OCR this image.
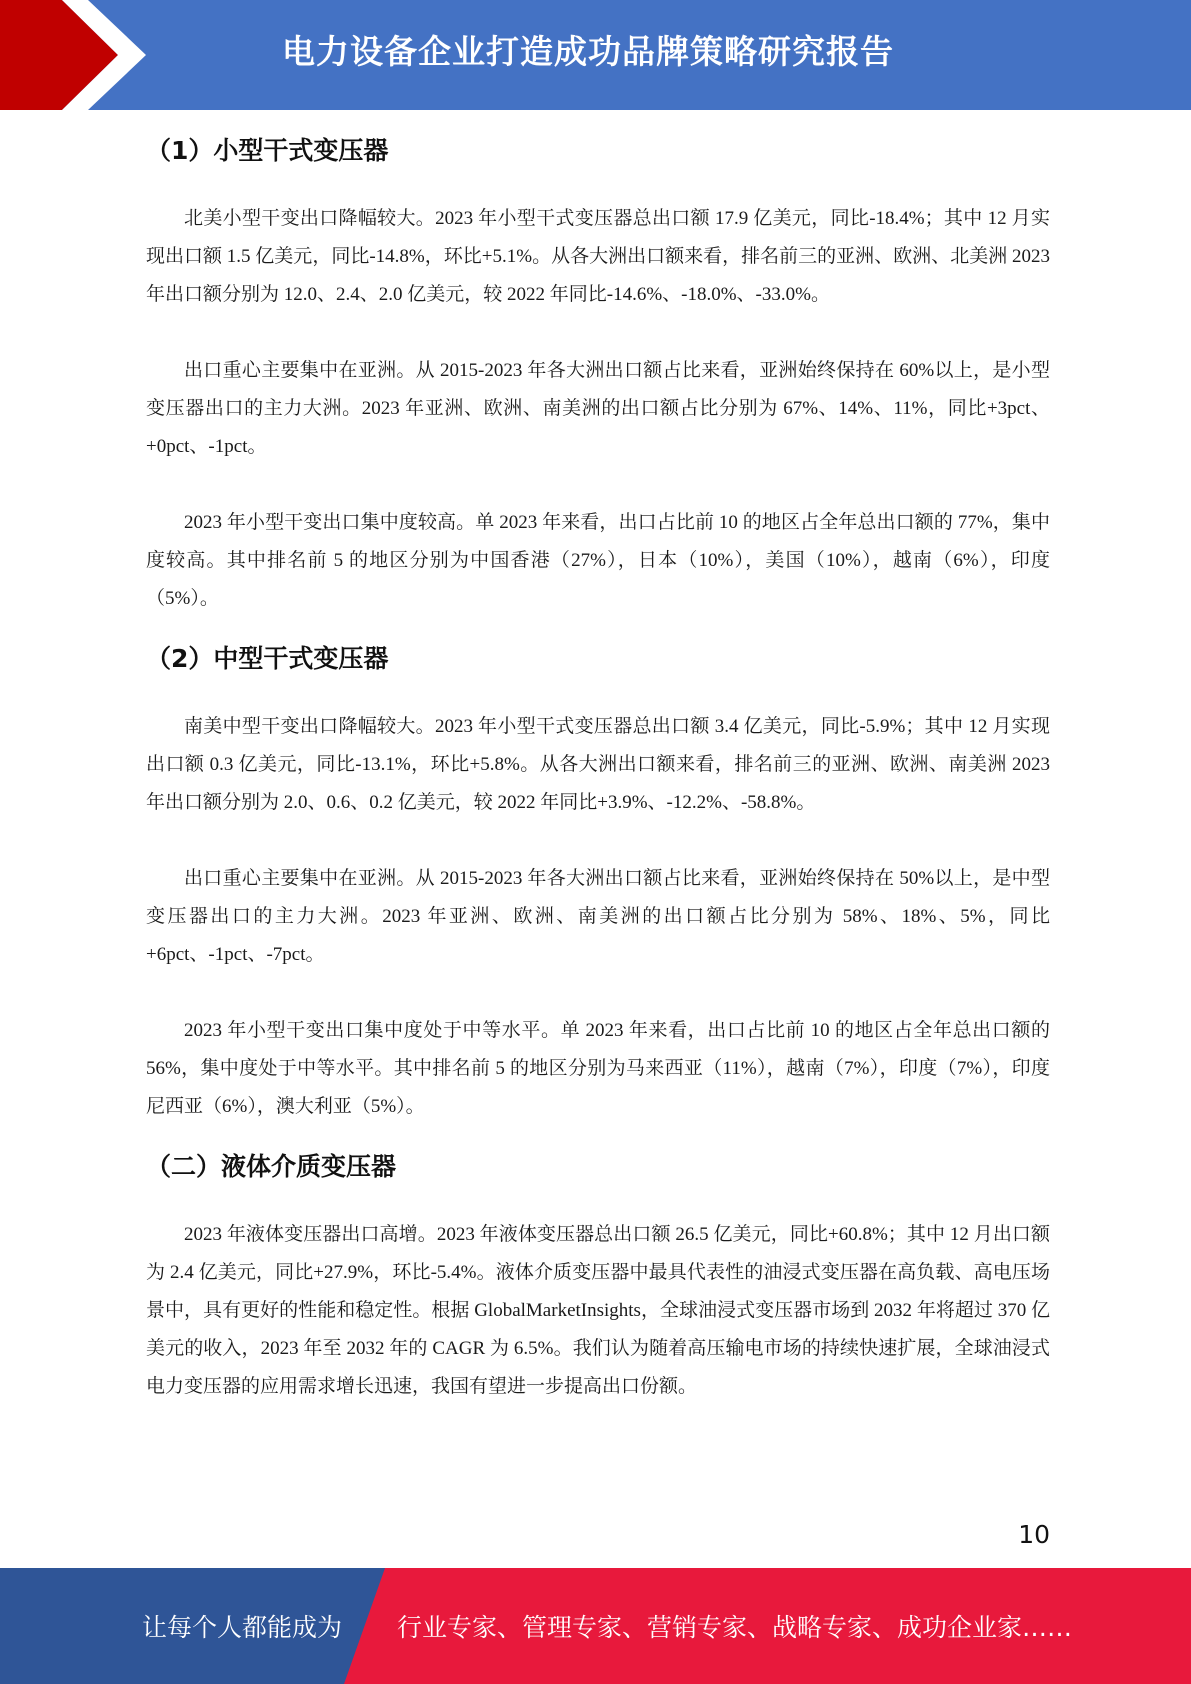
电力设备企业打造成功品牌策略研究报告
（1）小型干式变压器

北美小型干变出口降幅较大。2023 年小型干式变压器总出口额 17.9 亿美元，同比-18.4%；其中 12 月实现出口额 1.5 亿美元，同比-14.8%，环比+5.1%。从各大洲出口额来看，排名前三的亚洲、欧洲、北美洲 2023 年出口额分别为 12.0、2.4、2.0 亿美元，较 2022 年同比-14.6%、-18.0%、-33.0%。

出口重心主要集中在亚洲。从 2015-2023 年各大洲出口额占比来看，亚洲始终保持在 60%以上，是小型变压器出口的主力大洲。2023 年亚洲、欧洲、南美洲的出口额占比分别为 67%、14%、11%，同比+3pct、+0pct、-1pct。

2023 年小型干变出口集中度较高。单 2023 年来看，出口占比前 10 的地区占全年总出口额的 77%，集中度较高。其中排名前 5 的地区分别为中国香港（27%），日本（10%），美国（10%），越南（6%），印度（5%）。

（2）中型干式变压器

南美中型干变出口降幅较大。2023 年小型干式变压器总出口额 3.4 亿美元，同比-5.9%；其中 12 月实现出口额 0.3 亿美元，同比-13.1%，环比+5.8%。从各大洲出口额来看，排名前三的亚洲、欧洲、南美洲 2023 年出口额分别为 2.0、0.6、0.2 亿美元，较 2022 年同比+3.9%、-12.2%、-58.8%。

出口重心主要集中在亚洲。从 2015-2023 年各大洲出口额占比来看，亚洲始终保持在 50%以上，是中型变压器出口的主力大洲。2023 年亚洲、欧洲、南美洲的出口额占比分别为 58%、18%、5%，同比+6pct、-1pct、-7pct。

2023 年小型干变出口集中度处于中等水平。单 2023 年来看，出口占比前 10 的地区占全年总出口额的 56%，集中度处于中等水平。其中排名前 5 的地区分别为马来西亚（11%），越南（7%），印度（7%），印度尼西亚（6%），澳大利亚（5%）。

（二）液体介质变压器

2023 年液体变压器出口高增。2023 年液体变压器总出口额 26.5 亿美元，同比+60.8%；其中 12 月出口额为 2.4 亿美元，同比+27.9%，环比-5.4%。液体介质变压器中最具代表性的油浸式变压器在高负载、高电压场景中，具有更好的性能和稳定性。根据 GlobalMarketInsights，全球油浸式变压器市场到 2032 年将超过 370 亿美元的收入，2023 年至 2032 年的 CAGR 为 6.5%。我们认为随着高压输电市场的持续快速扩展，全球油浸式电力变压器的应用需求增长迅速，我国有望进一步提高出口份额。

10
让每个人都能成为 行业专家、管理专家、营销专家、战略专家、成功企业家……
